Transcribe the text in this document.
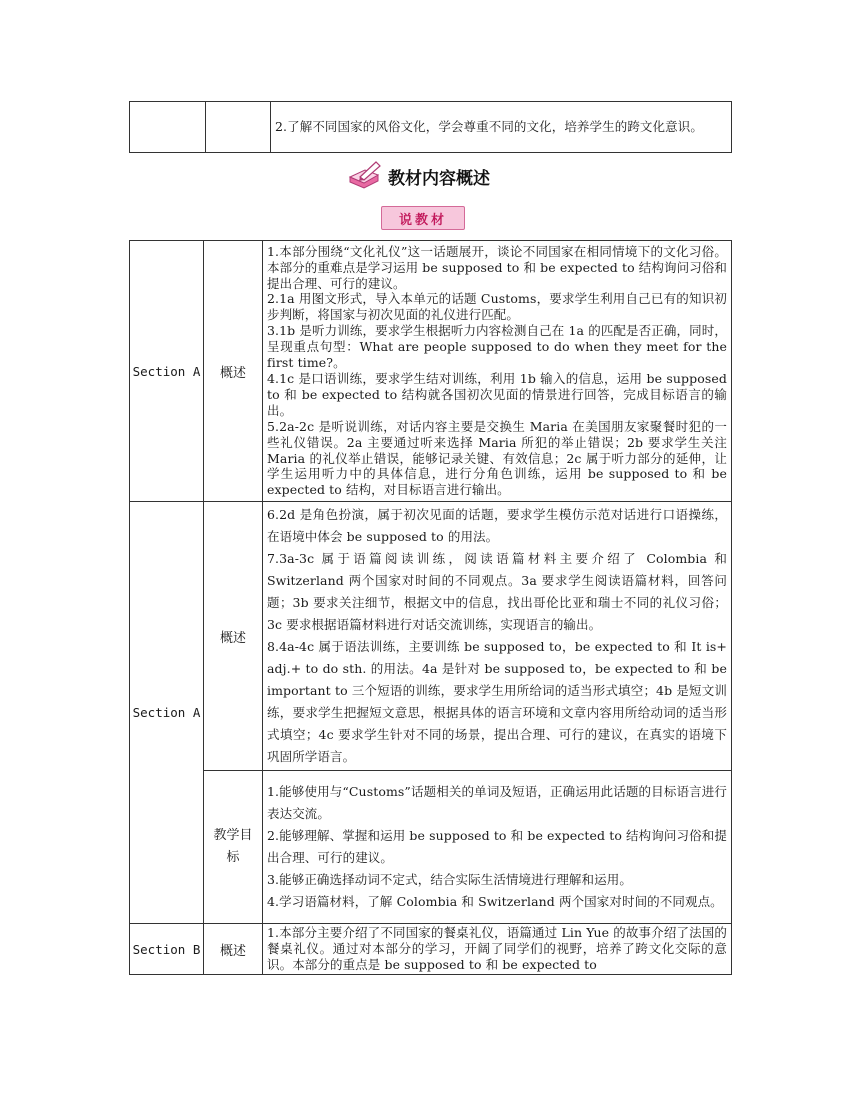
		2.了解不同国家的风俗文化，学会尊重不同的文化，培养学生的跨文化意识。
教材内容概述
说教材
Section A	概述	1.本部分围绕“文化礼仪”这一话题展开，谈论不同国家在相同情境下的文化习俗。本部分的重难点是学习运用 be supposed to 和 be expected to 结构询问习俗和提出合理、可行的建议。

2.1a 用图文形式，导入本单元的话题 Customs，要求学生利用自己已有的知识初步判断，将国家与初次见面的礼仪进行匹配。

3.1b 是听力训练，要求学生根据听力内容检测自己在 1a 的匹配是否正确，同时，呈现重点句型：What are people supposed to do when they meet for the first time?。

4.1c 是口语训练，要求学生结对训练，利用 1b 输入的信息，运用 be supposed to 和 be expected to 结构就各国初次见面的情景进行回答，完成目标语言的输出。

5.2a-2c 是听说训练，对话内容主要是交换生 Maria 在美国朋友家聚餐时犯的一些礼仪错误。2a 主要通过听来选择 Maria 所犯的举止错误；2b 要求学生关注 Maria 的礼仪举止错误，能够记录关键、有效信息；2c 属于听力部分的延伸，让学生运用听力中的具体信息，进行分角色训练，运用 be supposed to 和 be expected to 结构，对目标语言进行输出。

Section A	概述	6.2d 是角色扮演，属于初次见面的话题，要求学生模仿示范对话进行口语操练，在语境中体会 be supposed to 的用法。

7.3a-3c 属于语篇阅读训练，阅读语篇材料主要介绍了 Colombia 和 Switzerland 两个国家对时间的不同观点。3a 要求学生阅读语篇材料，回答问题；3b 要求关注细节，根据文中的信息，找出哥伦比亚和瑞士不同的礼仪习俗；3c 要求根据语篇材料进行对话交流训练，实现语言的输出。

8.4a-4c 属于语法训练，主要训练 be supposed to，be expected to 和 It is+ adj.+ to do sth. 的用法。4a 是针对 be supposed to，be expected to 和 be important to 三个短语的训练，要求学生用所给词的适当形式填空；4b 是短文训练，要求学生把握短文意思，根据具体的语言环境和文章内容用所给动词的适当形式填空；4c 要求学生针对不同的场景，提出合理、可行的建议，在真实的语境下巩固所学语言。

	教学目标	1.能够使用与“Customs”话题相关的单词及短语，正确运用此话题的目标语言进行表达交流。

2.能够理解、掌握和运用 be supposed to 和 be expected to 结构询问习俗和提出合理、可行的建议。

3.能够正确选择动词不定式，结合实际生活情境进行理解和运用。

4.学习语篇材料，了解 Colombia 和 Switzerland 两个国家对时间的不同观点。

Section B	概述	1.本部分主要介绍了不同国家的餐桌礼仪，语篇通过 Lin Yue 的故事介绍了法国的餐桌礼仪。通过对本部分的学习，开阔了同学们的视野，培养了跨文化交际的意识。本部分的重点是 be supposed to 和 be expected to
